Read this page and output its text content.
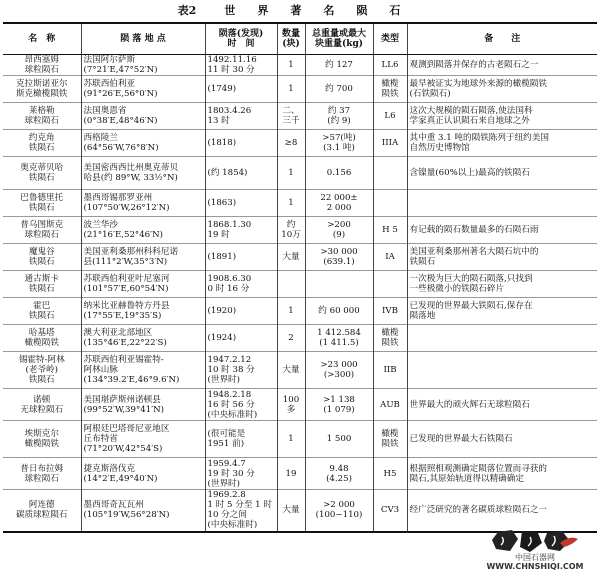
表2	世界著名陨石
名　称	陨 落 地 点	陨落(发现)
时　间	数量
(块)	总重量或最大
块重量(kg)	类型	备　　注
昂西塞姆
球粒陨石	法国阿尔萨斯
(7°21′E,47°52′N)	1492.11.16
11 时 30 分	1	约 127	LL6	观测到陨落并保存的古老陨石之一
克拉斯诺亚尔
斯克橄榄陨铁	苏联西伯利亚
(91°26′E,56°0′N)	(1749)	1	约 700	橄榄
陨铁	最早被证实为地球外来源的橄榄陨铁
(石铁陨石)
莱格勒
球粒陨石	法国奥恩省
(0°38′E,48°46′N)	1803.4.26
13 时	二、
三千	约 37
(约 9)	L6	这次大规模的陨石陨落,使法国科
学家真正认识陨石来自地球之外
约克角
铁陨石	西格陵兰
(64°56′W,76°8′N)	(1818)	≥8	>57(吨)
(3.1 吨)	IIIA	其中重 3.1 吨的陨铁陈列于纽约美国
自然历史博物馆
奥克蒂贝哈
铁陨石	美国密西西比州奥克蒂贝
哈县(约 89°W, 33½°N)	(约 1854)	1	0.156		含镍量(60%以上)最高的铁陨石
巴鲁德里托
铁陨石	墨西哥锡那罗亚州
(107°50′W,26°12′N)	(1863)	1	22 000±
2 000		
普乌图斯克
球粒陨石	波兰华沙
(21°16′E,52°46′N)	1868.1.30
19 时	约
10万	>200
(9)	H 5	有记载的陨石数量最多的石陨石雨
魔鬼谷
铁陨石	美国亚利桑那州科科尼诺
县(111°2′W,35°3′N)	(1891)	大量	>30 000
(639.1)	IA	美国亚利桑那州著名大陨石坑中的
铁陨石
通古斯卡
铁陨石	苏联西伯利亚叶尼塞河
(101°57′E,60°54′N)	1908.6.30
0 时 16 分				一次极为巨大的陨石陨落,只找到
一些极微小的铁陨石碎片
霍巴
铁陨石	纳米比亚赫鲁特方丹县
(17°55′E,19°35′S)	(1920)	1	约 60 000	IVB	已发现的世界最大铁陨石,保存在
陨落地
哈基塔
橄榄陨铁	澳大利亚北部地区
(135°46′E,22°22′S)	(1924)	2	1 412.584
(1 411.5)	橄榄
陨铁	
锡霍特-阿林
(老爷岭)
铁陨石	苏联西伯利亚锡霍特-
阿林山脉
(134°39.2′E,46°9.6′N)	1947.2.12
10 时 38 分
(世界时)	大量	>23 000
(>300)	IIB	
诺顿
无球粒陨石	美国堪萨斯州诺顿县
(99°52′W,39°41′N)	1948.2.18
16 时 56 分
(中央标准时)	100
多	>1 138
(1 079)	AUB	世界最大的顽火辉石无球粒陨石
埃斯克尔
橄榄陨铁	阿根廷巴塔哥尼亚地区
丘布特省
(71°20′W,42°54′S)	(很可能是
1951 前)	1	1 500	橄榄
陨铁	已发现的世界最大石铁陨石
普日布拉姆
球粒陨石	捷克斯洛伐克
(14°2′E,49°40′N)	1959.4.7
19 时 30 分
(世界时)	19	9.48
(4.25)	H5	根据照相观测确定陨落位置而寻获的
陨石,其原始轨道得以精确确定
阿连德
碳质球粒陨石	墨西哥奇瓦瓦州
(105°19′W,56°28′N)	1969.2.8
1 时 5 分至 1 时
10 分之间
(中央标准时)	大量	>2 000
(100~110)	CV3	经广泛研究的著名碳质球粒陨石之一
中国石器网
WWW.CHNSHIQI.COM
